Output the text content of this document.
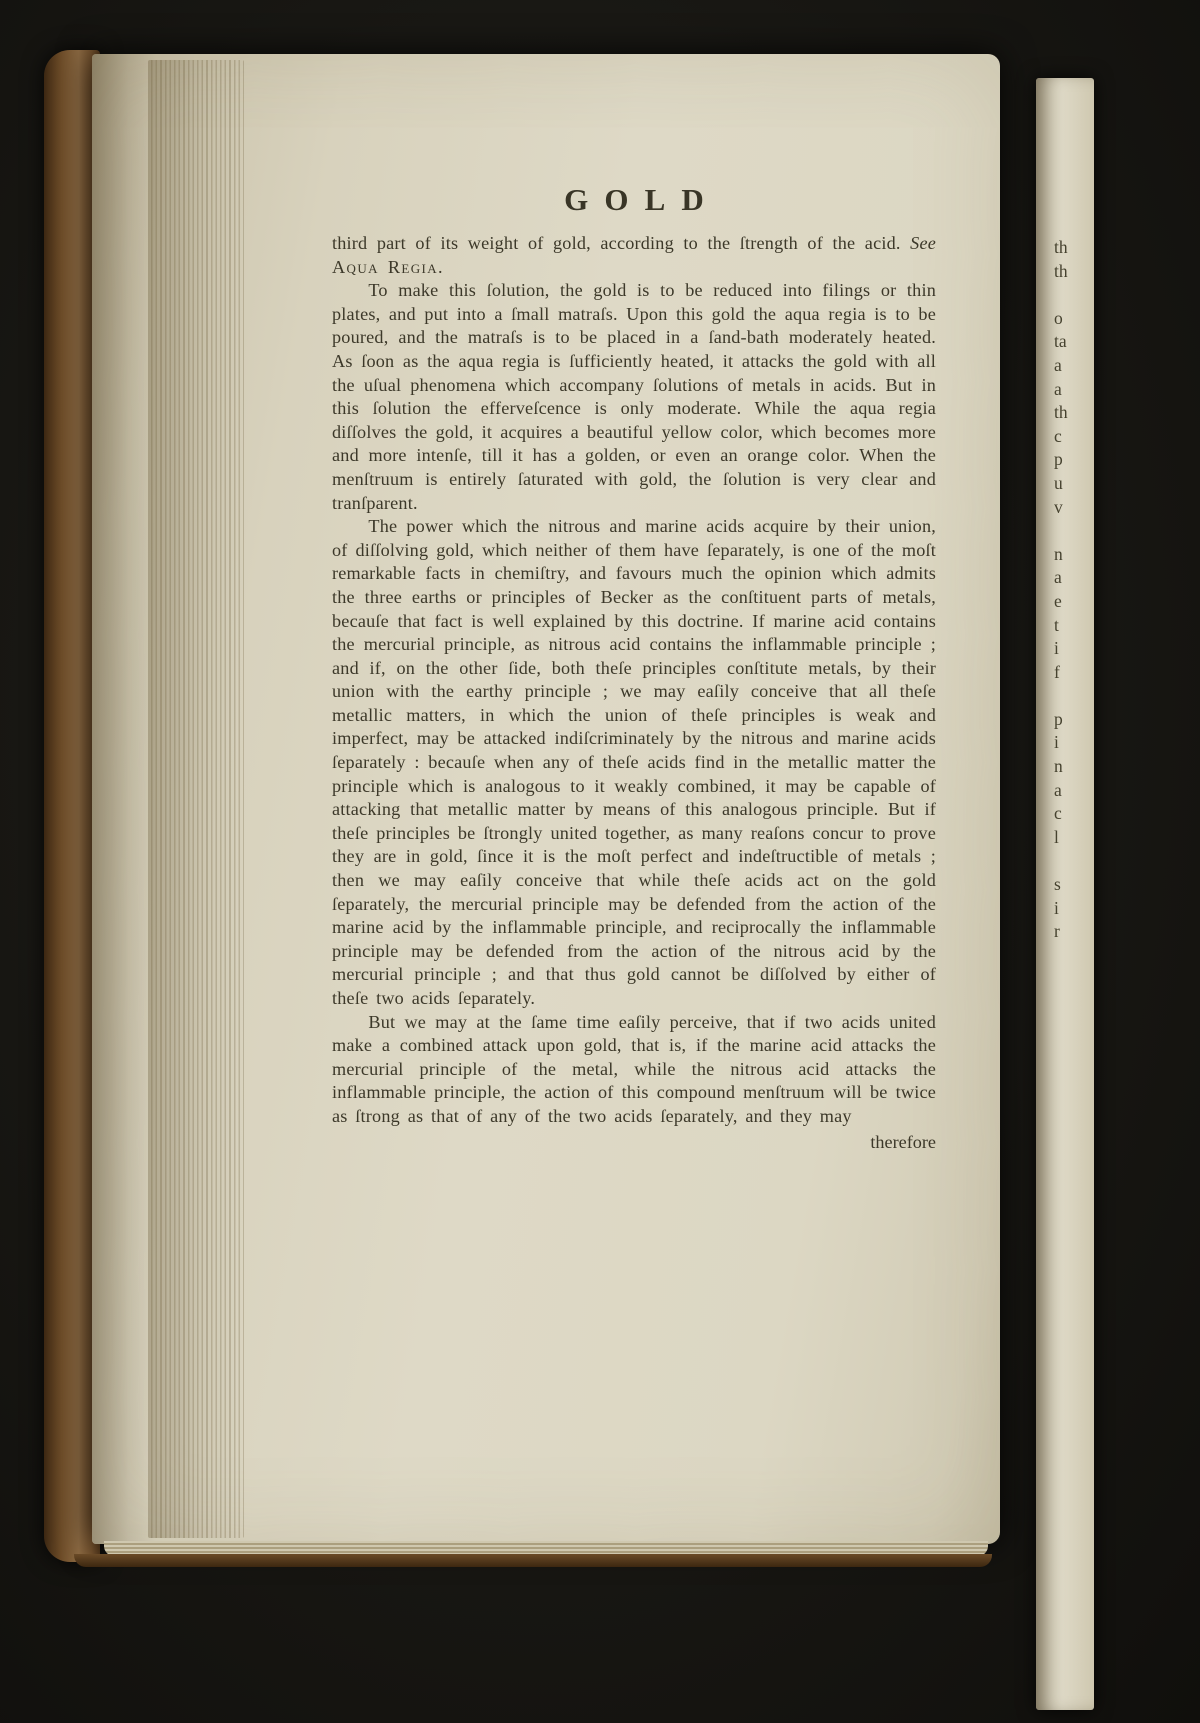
GOLD

third part of its weight of gold, according to the ſtrength of the acid. See Aqua Regia.

To make this ſolution, the gold is to be reduced into filings or thin plates, and put into a ſmall matraſs. Upon this gold the aqua regia is to be poured, and the matraſs is to be placed in a ſand-bath moderately heated. As ſoon as the aqua regia is ſufficiently heated, it attacks the gold with all the uſual phenomena which accompany ſolutions of metals in acids. But in this ſolution the efferveſcence is only moderate. While the aqua regia diſſolves the gold, it acquires a beautiful yellow color, which becomes more and more intenſe, till it has a golden, or even an orange color. When the menſtruum is entirely ſaturated with gold, the ſolution is very clear and tranſparent.

The power which the nitrous and marine acids acquire by their union, of diſſolving gold, which neither of them have ſeparately, is one of the moſt remarkable facts in chemiſtry, and favours much the opinion which admits the three earths or principles of Becker as the conſtituent parts of metals, becauſe that fact is well explained by this doctrine. If marine acid contains the mercurial principle, as nitrous acid contains the inflammable principle ; and if, on the other ſide, both theſe principles conſtitute metals, by their union with the earthy principle ; we may eaſily conceive that all theſe metallic matters, in which the union of theſe principles is weak and imperfect, may be attacked indiſcriminately by the nitrous and marine acids ſeparately : becauſe when any of theſe acids find in the metallic matter the principle which is analogous to it weakly combined, it may be capable of attacking that metallic matter by means of this analogous principle. But if theſe principles be ſtrongly united together, as many reaſons concur to prove they are in gold, ſince it is the moſt perfect and indeſtructible of metals ; then we may eaſily conceive that while theſe acids act on the gold ſeparately, the mercurial principle may be defended from the action of the marine acid by the inflammable principle, and reciprocally the inflammable principle may be defended from the action of the nitrous acid by the mercurial principle ; and that thus gold cannot be diſſolved by either of theſe two acids ſeparately.

But we may at the ſame time eaſily perceive, that if two acids united make a combined attack upon gold, that is, if the marine acid attacks the mercurial principle of the metal, while the nitrous acid attacks the inflammable principle, the action of this compound menſtruum will be twice as ſtrong as that of any of the two acids ſeparately, and they may

therefore
th
th

o
ta
a
a
th
c
p
u
v

n
a
e
t
i
f

p
i
n
a
c
l

s
i
r
